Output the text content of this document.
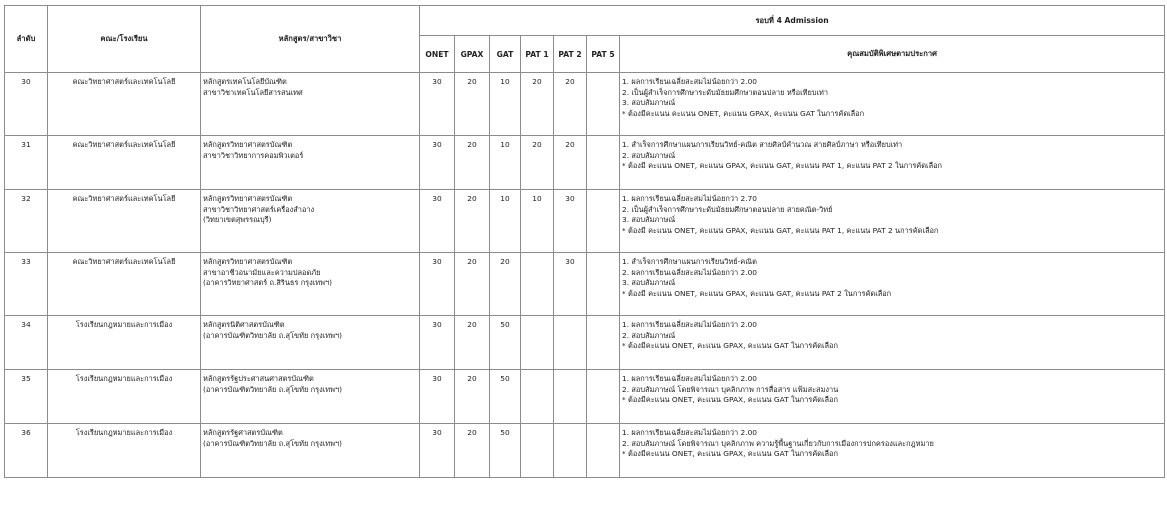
ลำดับ	คณะ/โรงเรียน	หลักสูตร/สาขาวิชา	รอบที่ 4 Admission						
			ONET	GPAX	GAT	PAT 1	PAT 2	PAT 5	คุณสมบัติพิเศษตามประกาศ
30	คณะวิทยาศาสตร์และเทคโนโลยี	หลักสูตรเทคโนโลยีบัณฑิต
สาขาวิชาเทคโนโลยีสารสนเทศ	30	20	10	20	20		1. ผลการเรียนเฉลี่ยสะสมไม่น้อยกว่า 2.00
2. เป็นผู้สำเร็จการศึกษาระดับมัธยมศึกษาตอนปลาย หรือเทียบเท่า
3. สอบสัมภาษณ์
* ต้องมีคะแนน คะแนน ONET, คะแนน GPAX, คะแนน GAT ในการคัดเลือก

31	คณะวิทยาศาสตร์และเทคโนโลยี	หลักสูตรวิทยาศาสตรบัณฑิต
สาขาวิชาวิทยาการคอมพิวเตอร์	30	20	10	20	20		1. สำเร็จการศึกษาแผนการเรียนวิทย์-คณิต สายศิลป์คำนวณ สายศิลป์ภาษา หรือเทียบเท่า
2. สอบสัมภาษณ์
* ต้องมี คะแนน ONET, คะแนน GPAX, คะแนน GAT, คะแนน PAT 1, คะแนน PAT 2 ในการคัดเลือก

32	คณะวิทยาศาสตร์และเทคโนโลยี	หลักสูตรวิทยาศาสตรบัณฑิต
สาขาวิชาวิทยาศาสตร์เครื่องสำอาง
(วิทยาเขตสุพรรณบุรี)	30	20	10	10	30		1. ผลการเรียนเฉลี่ยสะสมไม่น้อยกว่า 2.70
2. เป็นผู้สำเร็จการศึกษาระดับมัธยมศึกษาตอนปลาย สายคณิต-วิทย์
3. สอบสัมภาษณ์
* ต้องมี คะแนน ONET, คะแนน GPAX, คะแนน GAT, คะแนน PAT 1, คะแนน PAT 2 นการคัดเลือก

33	คณะวิทยาศาสตร์และเทคโนโลยี	หลักสูตรวิทยาศาสตรบัณฑิต
สาขาอาชีวอนามัยและความปลอดภัย
(อาคารวิทยาศาสตร์ ถ.สิรินธร กรุงเทพฯ)	30	20	20		30		1. สำเร็จการศึกษาแผนการเรียนวิทย์-คณิต
2. ผลการเรียนเฉลี่ยสะสมไม่น้อยกว่า 2.00
3. สอบสัมภาษณ์
* ต้องมี คะแนน ONET, คะแนน GPAX, คะแนน GAT, คะแนน PAT 2 ในการคัดเลือก

34	โรงเรียนกฎหมายและการเมือง	หลักสูตรนิติศาสตรบัณฑิต
(อาคารบัณฑิตวิทยาลัย ถ.สุโขทัย กรุงเทพฯ)	30	20	50				1. ผลการเรียนเฉลี่ยสะสมไม่น้อยกว่า 2.00
2. สอบสัมภาษณ์
* ต้องมีคะแนน ONET, คะแนน GPAX, คะแนน GAT ในการคัดเลือก

35	โรงเรียนกฎหมายและการเมือง	หลักสูตรรัฐประศาสนศาสตรบัณฑิต
(อาคารบัณฑิตวิทยาลัย ถ.สุโขทัย กรุงเทพฯ)	30	20	50				1. ผลการเรียนเฉลี่ยสะสมไม่น้อยกว่า 2.00
2. สอบสัมภาษณ์ โดยพิจารณา บุคลิกภาพ การสื่อสาร แฟ้มสะสมงาน
* ต้องมีคะแนน ONET, คะแนน GPAX, คะแนน GAT ในการคัดเลือก

36	โรงเรียนกฎหมายและการเมือง	หลักสูตรรัฐศาสตรบัณฑิต
(อาคารบัณฑิตวิทยาลัย ถ.สุโขทัย กรุงเทพฯ)	30	20	50				1. ผลการเรียนเฉลี่ยสะสมไม่น้อยกว่า 2.00
2. สอบสัมภาษณ์ โดยพิจารณา บุคลิกภาพ ความรู้พื้นฐานเกี่ยวกับการเมืองการปกครองและกฎหมาย
* ต้องมีคะแนน ONET, คะแนน GPAX, คะแนน GAT ในการคัดเลือก
